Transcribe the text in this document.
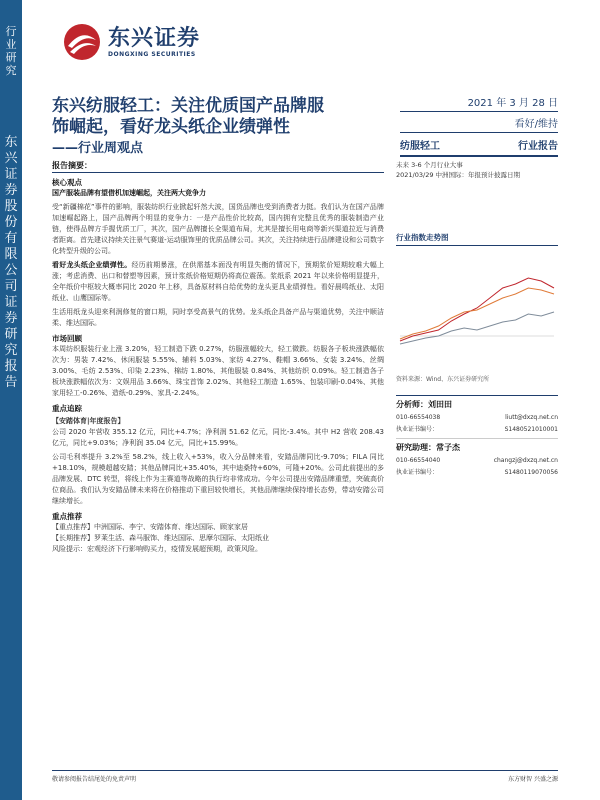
行业研究
东兴证券股份有限公司证券研究报告
东兴证券
DONGXING SECURITIES
东兴纺服轻工：关注优质国产品牌服
饰崛起，看好龙头纸企业绩弹性
——行业周观点
2021 年 3 月 28 日
看好/维持
纺服轻工	行业报告
报告摘要：
核心观点
国产服装品牌有望借机加速崛起，关注两大竞争力

受“新疆棉花”事件的影响，服装纺织行业掀起轩然大波，国货品牌也受到消费者力挺。我们认为在国产品牌加速崛起路上，国产品牌两个明显的竞争力：一是产品性价比较高，国内拥有完整且优秀的服装制造产业链，使得品牌方手握优质工厂，其次，国产品牌擅长全渠道布局，尤其是擅长用电商等新兴渠道拉近与消费者距离。首先建议持续关注景气赛道-运动服饰里的优质品牌公司。其次，关注持续进行品牌建设和公司数字化转型升级的公司。

看好龙头纸企业绩弹性。经历前期暴涨，在供需基本面没有明显失衡的情况下，预期浆价短期较难大幅上涨；考虑消费、出口和替塑等因素，预计浆纸价格短期仍将高位震荡。浆纸系 2021 年以来价格明显提升，全年纸价中枢较大概率同比 2020 年上移，具备原材料自给优势的龙头更具业绩弹性。看好晨鸣纸业、太阳纸业、山鹰国际等。

生活用纸龙头迎来利润修复的窗口期，同时享受高景气的优势。龙头纸企具备产品与渠道优势，关注中顺洁柔、维达国际。

市场回顾

本周纺织服装行业上涨 3.20%，轻工制造下跌 0.27%，纺服涨幅较大，轻工微跌。纺服各子板块涨跌幅依次为：男装 7.42%、休闲服装 5.55%、辅料 5.03%、家纺 4.27%、鞋帽 3.66%、女装 3.24%、丝绸 3.00%、毛纺 2.53%、印染 2.23%、棉纺 1.80%、其他服装 0.84%、其他纺织 0.09%。轻工制造各子板块涨跌幅依次为：文娱用品 3.66%、珠宝首饰 2.02%、其他轻工制造 1.65%、包装印刷-0.04%、其他家用轻工-0.26%、造纸-0.29%、家具-2.24%。

重点追踪
【安踏体育|年度报告】

公司 2020 年营收 355.12 亿元，同比+4.7%；净利润 51.62 亿元，同比-3.4%。其中 H2 营收 208.43 亿元，同比+9.03%；净利润 35.04 亿元，同比+15.99%。

公司毛利率提升 3.2%至 58.2%，线上收入+53%，收入分品牌来看，安踏品牌同比-9.70%；FILA 同比+18.10%，规模超越安踏；其他品牌同比+35.40%，其中迪桑特+60%，可隆+20%。公司此前提出的多品牌发展、DTC 转型，将线上作为主赛道等战略的执行均非常成功。今年公司提出安踏品牌重塑，突破高价位商品。我们认为安踏品牌未来将在价格推动下重回较快增长，其他品牌继续保持增长态势，带动安踏公司继续增长。

重点推荐

【重点推荐】中洲国际、李宁、安踏体育、维达国际、顾家家居

【长期推荐】罗莱生活、森马服饰、维达国际、思摩尔国际、太阳纸业

风险提示：宏观经济下行影响购买力，疫情发展超预期，政策风险。

未来 3-6 个月行业大事
2021/03/29 中洲国际：年报预计披露日期
行业指数走势图
资料来源：Wind、东兴证券研究所
分析师：刘田田
010-66554038	liutt@dxzq.net.cn
执业证书编号：	S1480521010001
研究助理：常子杰
010-66554040	changzj@dxzq.net.cn
执业证书编号：	S1480119070056
敬请参阅报告结尾处的免责声明	东方财智 兴盛之源
